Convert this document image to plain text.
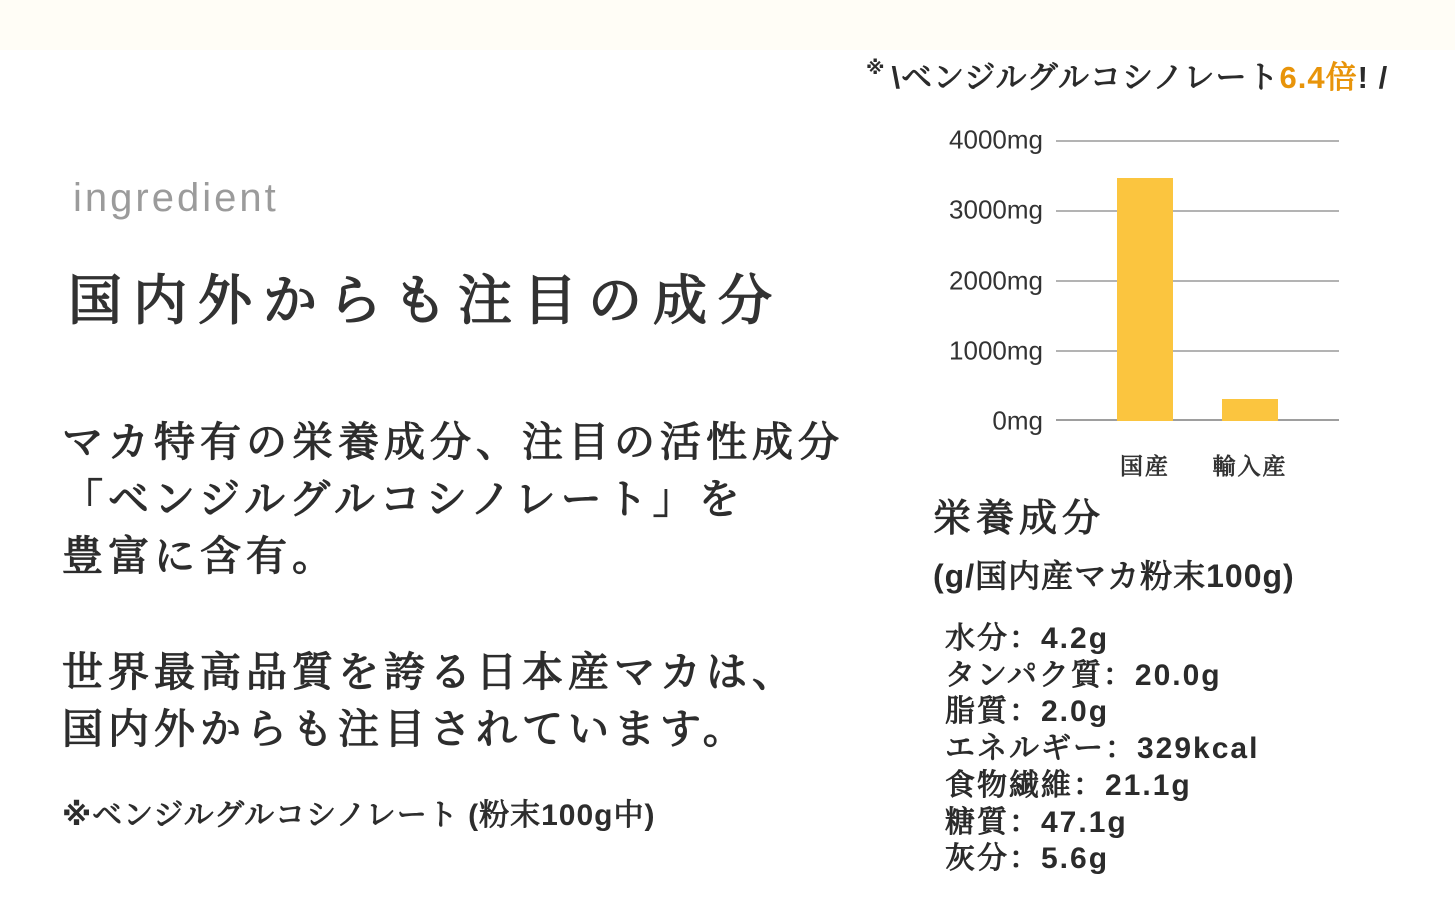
ingredient
国内外からも注目の成分

マカ特有の栄養成分、注目の活性成分
「ベンジルグルコシノレート」を
豊富に含有。

世界最高品質を誇る日本産マカは、
国内外からも注目されています。

※ベンジルグルコシノレート (粉末100g中)
※ \ベンジルグルコシノレート6.4倍! /
4000mg
3000mg
2000mg
1000mg
0mg
国産 輸入産
栄養成分
(g/国内産マカ粉末100g)
水分：4.2g
タンパク質：20.0g
脂質：2.0g
エネルギー：329kcal
食物繊維：21.1g
糖質：47.1g
灰分：5.6g
